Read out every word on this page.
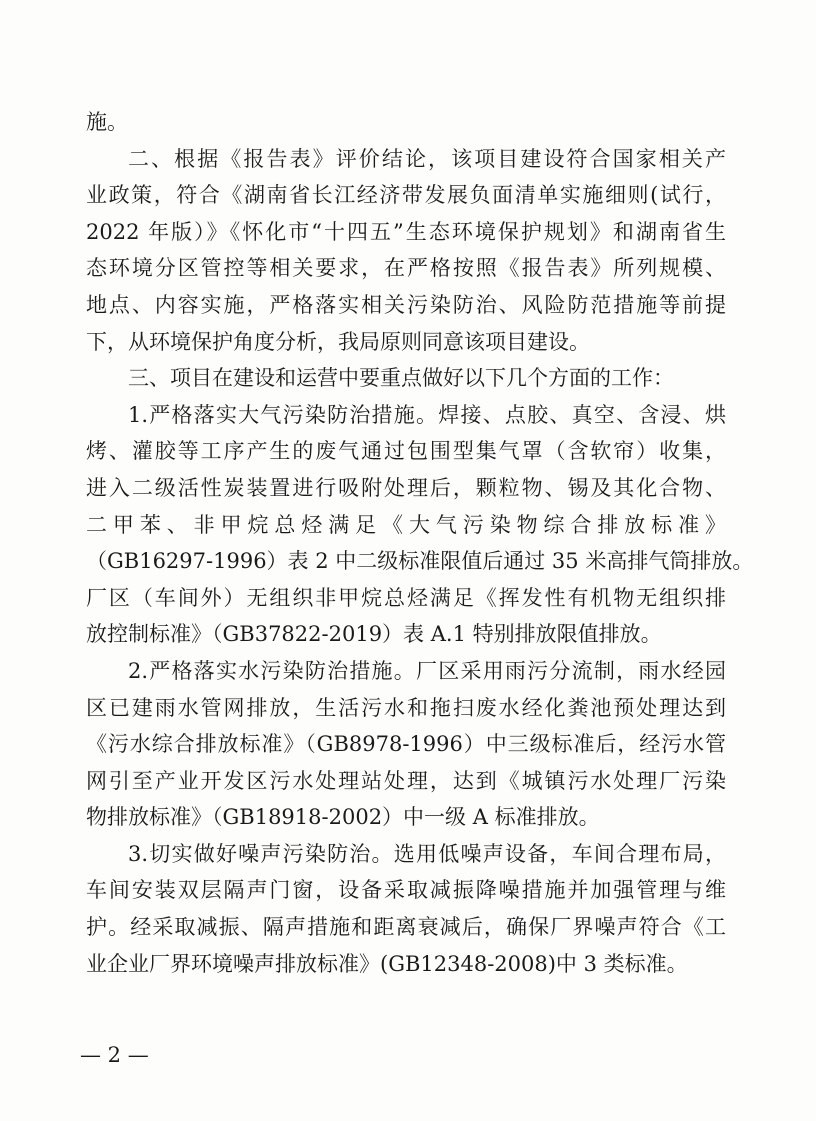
施。
二、根据《报告表》评价结论，该项目建设符合国家相关产
业政策，符合《湖南省长江经济带发展负面清单实施细则(试行，
2022 年版）》《怀化市“十四五”生态环境保护规划》和湖南省生
态环境分区管控等相关要求，在严格按照《报告表》所列规模、
地点、内容实施，严格落实相关污染防治、风险防范措施等前提
下，从环境保护角度分析，我局原则同意该项目建设。
三、项目在建设和运营中要重点做好以下几个方面的工作：
1.严格落实大气污染防治措施。焊接、点胶、真空、含浸、烘
烤、灌胶等工序产生的废气通过包围型集气罩（含软帘）收集，
进入二级活性炭装置进行吸附处理后，颗粒物、锡及其化合物、
二甲苯、非甲烷总烃满足《大气污染物综合排放标准》
（GB16297-1996）表 2 中二级标准限值后通过 35 米高排气筒排放。
厂区（车间外）无组织非甲烷总烃满足《挥发性有机物无组织排
放控制标准》（GB37822-2019）表 A.1 特别排放限值排放。
2.严格落实水污染防治措施。厂区采用雨污分流制，雨水经园
区已建雨水管网排放，生活污水和拖扫废水经化粪池预处理达到
《污水综合排放标准》（GB8978-1996）中三级标准后，经污水管
网引至产业开发区污水处理站处理，达到《城镇污水处理厂污染
物排放标准》（GB18918-2002）中一级 A 标准排放。
3.切实做好噪声污染防治。选用低噪声设备，车间合理布局，
车间安装双层隔声门窗，设备采取减振降噪措施并加强管理与维
护。经采取减振、隔声措施和距离衰减后，确保厂界噪声符合《工
业企业厂界环境噪声排放标准》(GB12348-2008)中 3 类标准。
— 2 —
